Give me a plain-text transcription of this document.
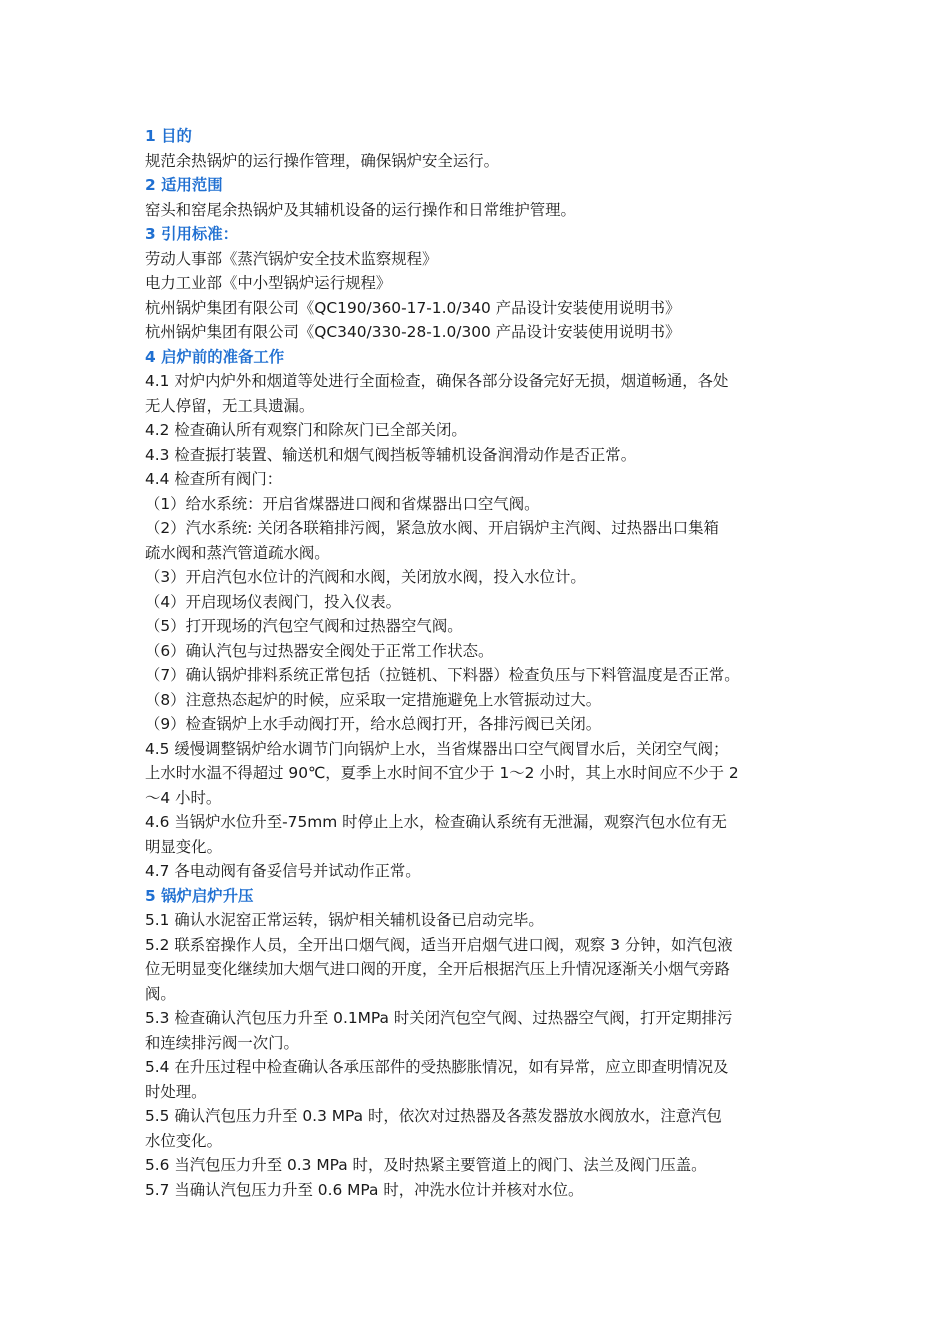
1 目的
规范余热锅炉的运行操作管理，确保锅炉安全运行。
2 适用范围
窑头和窑尾余热锅炉及其辅机设备的运行操作和日常维护管理。
3 引用标准：
劳动人事部《蒸汽锅炉安全技术监察规程》
电力工业部《中小型锅炉运行规程》
杭州锅炉集团有限公司《QC190/360-17-1.0/340 产品设计安装使用说明书》
杭州锅炉集团有限公司《QC340/330-28-1.0/300 产品设计安装使用说明书》
4 启炉前的准备工作
4.1 对炉内炉外和烟道等处进行全面检查，确保各部分设备完好无损，烟道畅通，各处
无人停留，无工具遗漏。
4.2 检查确认所有观察门和除灰门已全部关闭。
4.3 检查振打装置、输送机和烟气阀挡板等辅机设备润滑动作是否正常。
4.4 检查所有阀门：
（1）给水系统：开启省煤器进口阀和省煤器出口空气阀。
（2）汽水系统: 关闭各联箱排污阀，紧急放水阀、开启锅炉主汽阀、过热器出口集箱
疏水阀和蒸汽管道疏水阀。
（3）开启汽包水位计的汽阀和水阀，关闭放水阀，投入水位计。
（4）开启现场仪表阀门，投入仪表。
（5）打开现场的汽包空气阀和过热器空气阀。
（6）确认汽包与过热器安全阀处于正常工作状态。
（7）确认锅炉排料系统正常包括（拉链机、下料器）检查负压与下料管温度是否正常。
（8）注意热态起炉的时候，应采取一定措施避免上水管振动过大。
（9）检查锅炉上水手动阀打开，给水总阀打开，各排污阀已关闭。
4.5 缓慢调整锅炉给水调节门向锅炉上水，当省煤器出口空气阀冒水后，关闭空气阀；
上水时水温不得超过 90℃，夏季上水时间不宜少于 1～2 小时，其上水时间应不少于 2
～4 小时。
4.6 当锅炉水位升至-75mm 时停止上水，检查确认系统有无泄漏，观察汽包水位有无
明显变化。
4.7 各电动阀有备妥信号并试动作正常。
5 锅炉启炉升压
5.1 确认水泥窑正常运转，锅炉相关辅机设备已启动完毕。
5.2 联系窑操作人员，全开出口烟气阀，适当开启烟气进口阀，观察 3 分钟，如汽包液
位无明显变化继续加大烟气进口阀的开度，全开后根据汽压上升情况逐渐关小烟气旁路
阀。
5.3 检查确认汽包压力升至 0.1MPa 时关闭汽包空气阀、过热器空气阀，打开定期排污
和连续排污阀一次门。
5.4 在升压过程中检查确认各承压部件的受热膨胀情况，如有异常，应立即查明情况及
时处理。
5.5 确认汽包压力升至 0.3 MPa 时，依次对过热器及各蒸发器放水阀放水，注意汽包
水位变化。
5.6 当汽包压力升至 0.3 MPa 时，及时热紧主要管道上的阀门、法兰及阀门压盖。
5.7 当确认汽包压力升至 0.6 MPa 时，冲洗水位计并核对水位。
